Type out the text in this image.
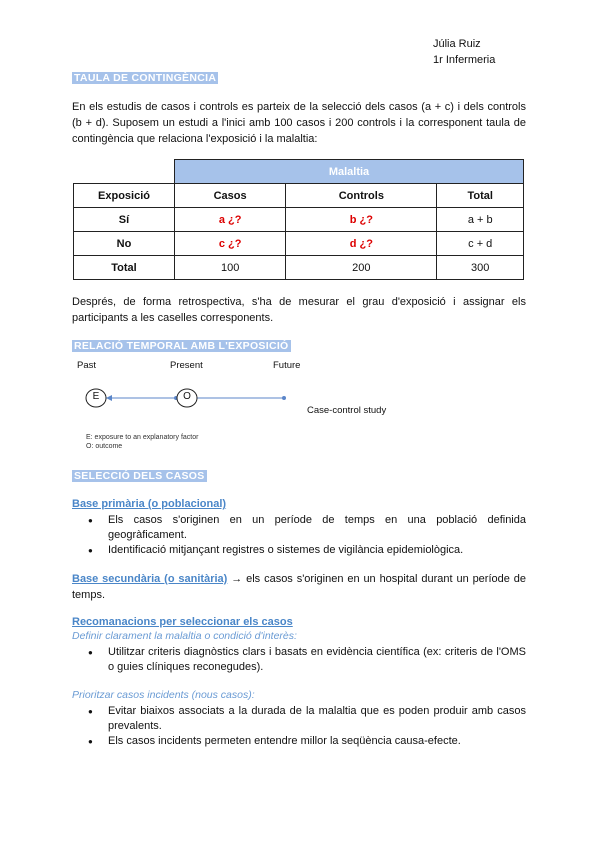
Júlia Ruiz
1r Infermeria
TAULA DE CONTINGÈNCIA
En els estudis de casos i controls es parteix de la selecció dels casos (a + c) i dels controls (b + d). Suposem un estudi a l'inici amb 100 casos i 200 controls i la corresponent taula de contingència que relaciona l'exposició i la malaltia:
	Malaltia		
Exposició	Casos	Controls	Total
Sí	a ¿?	b ¿?	a + b
No	c ¿?	d ¿?	c + d
Total	100	200	300
Després, de forma retrospectiva, s'ha de mesurar el grau d'exposició i assignar els participants a les caselles corresponents.
RELACIÓ TEMPORAL AMB L'EXPOSICIÓ
Past	Present	Future
E	O
Case-control study
E: exposure to an explanatory factor
O: outcome
SELECCIÓ DELS CASOS
Base primària (o poblacional)
● Els casos s'originen en un període de temps en una població definida geogràficament.
● Identificació mitjançant registres o sistemes de vigilància epidemiològica.
Base secundària (o sanitària) → els casos s'originen en un hospital durant un període de temps.
Recomanacions per seleccionar els casos
Definir clarament la malaltia o condició d'interès:
● Utilitzar criteris diagnòstics clars i basats en evidència científica (ex: criteris de l'OMS o guies clíniques reconegudes).
Prioritzar casos incidents (nous casos):
● Evitar biaixos associats a la durada de la malaltia que es poden produir amb casos prevalents.
● Els casos incidents permeten entendre millor la seqüència causa-efecte.
